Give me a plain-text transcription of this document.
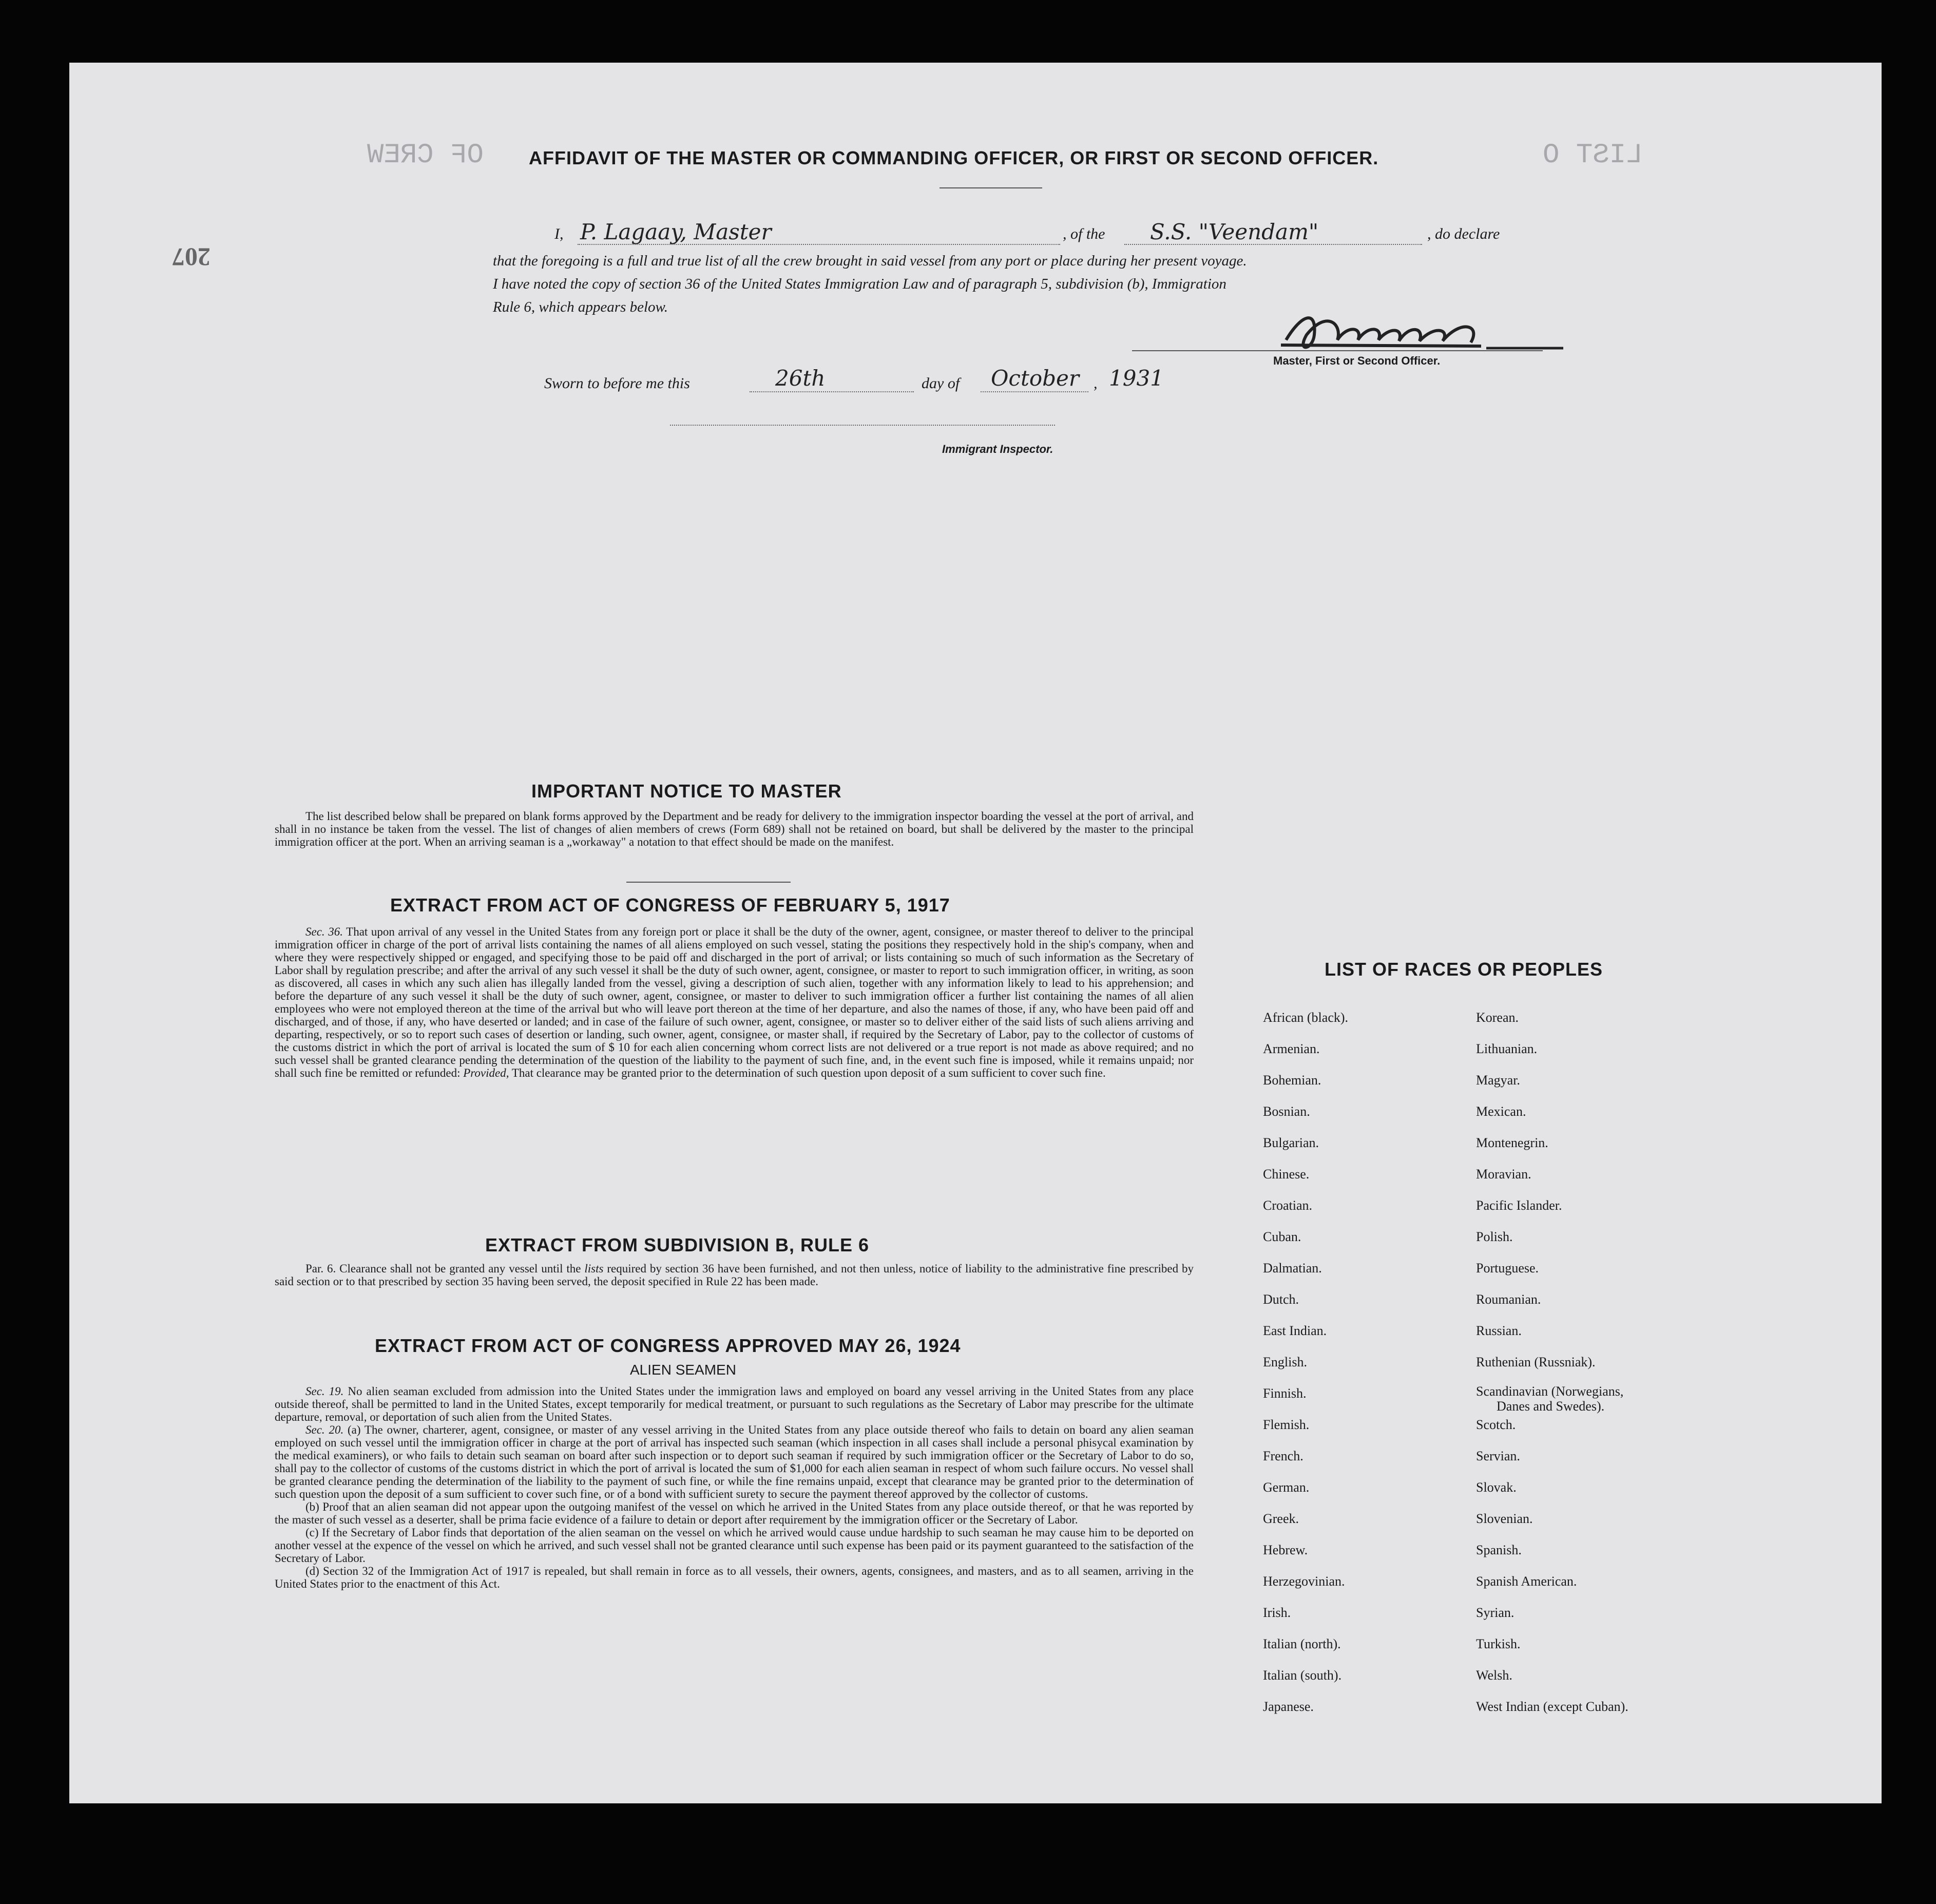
LIST O
OF CREW
207
AFFIDAVIT OF THE MASTER OR COMMANDING OFFICER, OR FIRST OR SECOND OFFICER.
I, P. Lagaay, Master	, of the S.S. "Veendam"	, do declare
that the foregoing is a full and true list of all the crew brought in said vessel from any port or place during her present voyage.
I have noted the copy of section 36 of the United States Immigration Law and of paragraph 5, subdivision (b), Immigration
Rule 6, which appears below.
Master, First or Second Officer.
Sworn to before me this	26th	day of October , 1931
Immigrant Inspector.
IMPORTANT NOTICE TO MASTER

The list described below shall be prepared on blank forms approved by the Department and be ready for delivery to the immigration inspector boarding the vessel at the port of arrival, and shall in no instance be taken from the vessel. The list of changes of alien members of crews (Form 689) shall not be retained on board, but shall be delivered by the master to the principal immigration officer at the port. When an arriving seaman is a „workaway" a notation to that effect should be made on the manifest.

EXTRACT FROM ACT OF CONGRESS OF FEBRUARY 5, 1917

Sec. 36. That upon arrival of any vessel in the United States from any foreign port or place it shall be the duty of the owner, agent, consignee, or master thereof to deliver to the principal immigration officer in charge of the port of arrival lists containing the names of all aliens employed on such vessel, stating the positions they respectively hold in the ship's company, when and where they were respectively shipped or engaged, and specifying those to be paid off and discharged in the port of arrival; or lists containing so much of such information as the Secretary of Labor shall by regulation prescribe; and after the arrival of any such vessel it shall be the duty of such owner, agent, consignee, or master to report to such immigration officer, in writing, as soon as discovered, all cases in which any such alien has illegally landed from the vessel, giving a description of such alien, together with any information likely to lead to his apprehension; and before the departure of any such vessel it shall be the duty of such owner, agent, consignee, or master to deliver to such immigration officer a further list containing the names of all alien employees who were not employed thereon at the time of the arrival but who will leave port thereon at the time of her departure, and also the names of those, if any, who have been paid off and discharged, and of those, if any, who have deserted or landed; and in case of the failure of such owner, agent, consignee, or master so to deliver either of the said lists of such aliens arriving and departing, respectively, or so to report such cases of desertion or landing, such owner, agent, consignee, or master shall, if required by the Secretary of Labor, pay to the collector of customs of the customs district in which the port of arrival is located the sum of $ 10 for each alien concerning whom correct lists are not delivered or a true report is not made as above required; and no such vessel shall be granted clearance pending the determination of the question of the liability to the payment of such fine, and, in the event such fine is imposed, while it remains unpaid; nor shall such fine be remitted or refunded: Provided, That clearance may be granted prior to the determination of such question upon deposit of a sum sufficient to cover such fine.

EXTRACT FROM SUBDIVISION B, RULE 6

Par. 6. Clearance shall not be granted any vessel until the lists required by section 36 have been furnished, and not then unless, notice of liability to the administrative fine prescribed by said section or to that prescribed by section 35 having been served, the deposit specified in Rule 22 has been made.

EXTRACT FROM ACT OF CONGRESS APPROVED MAY 26, 1924
ALIEN SEAMEN

Sec. 19. No alien seaman excluded from admission into the United States under the immigration laws and employed on board any vessel arriving in the United States from any place outside thereof, shall be permitted to land in the United States, except temporarily for medical treatment, or pursuant to such regulations as the Secretary of Labor may prescribe for the ultimate departure, removal, or deportation of such alien from the United States.

Sec. 20. (a) The owner, charterer, agent, consignee, or master of any vessel arriving in the United States from any place outside thereof who fails to detain on board any alien seaman employed on such vessel until the immigration officer in charge at the port of arrival has inspected such seaman (which inspection in all cases shall include a personal phisycal examination by the medical examiners), or who fails to detain such seaman on board after such inspection or to deport such seaman if required by such immigration officer or the Secretary of Labor to do so, shall pay to the collector of customs of the customs district in which the port of arrival is located the sum of $1,000 for each alien seaman in respect of whom such failure occurs. No vessel shall be granted clearance pending the determination of the liability to the payment of such fine, or while the fine remains unpaid, except that clearance may be granted prior to the determination of such question upon the deposit of a sum sufficient to cover such fine, or of a bond with sufficient surety to secure the payment thereof approved by the collector of customs.

(b) Proof that an alien seaman did not appear upon the outgoing manifest of the vessel on which he arrived in the United States from any place outside thereof, or that he was reported by the master of such vessel as a deserter, shall be prima facie evidence of a failure to detain or deport after requirement by the immigration officer or the Secretary of Labor.

(c) If the Secretary of Labor finds that deportation of the alien seaman on the vessel on which he arrived would cause undue hardship to such seaman he may cause him to be deported on another vessel at the expence of the vessel on which he arrived, and such vessel shall not be granted clearance until such expense has been paid or its payment guaranteed to the satisfaction of the Secretary of Labor.

(d) Section 32 of the Immigration Act of 1917 is repealed, but shall remain in force as to all vessels, their owners, agents, consignees, and masters, and as to all seamen, arriving in the United States prior to the enactment of this Act.

LIST OF RACES OR PEOPLES
African (black).
Armenian.
Bohemian.
Bosnian.
Bulgarian.
Chinese.
Croatian.
Cuban.
Dalmatian.
Dutch.
East Indian.
English.
Finnish.
Flemish.
French.
German.
Greek.
Hebrew.
Herzegovinian.
Irish.
Italian (north).
Italian (south).
Japanese.
Korean.
Lithuanian.
Magyar.
Mexican.
Montenegrin.
Moravian.
Pacific Islander.
Polish.
Portuguese.
Roumanian.
Russian.
Ruthenian (Russniak).
Scandinavian (Norwegians,
Danes and Swedes).
Scotch.
Servian.
Slovak.
Slovenian.
Spanish.
Spanish American.
Syrian.
Turkish.
Welsh.
West Indian (except Cuban).
